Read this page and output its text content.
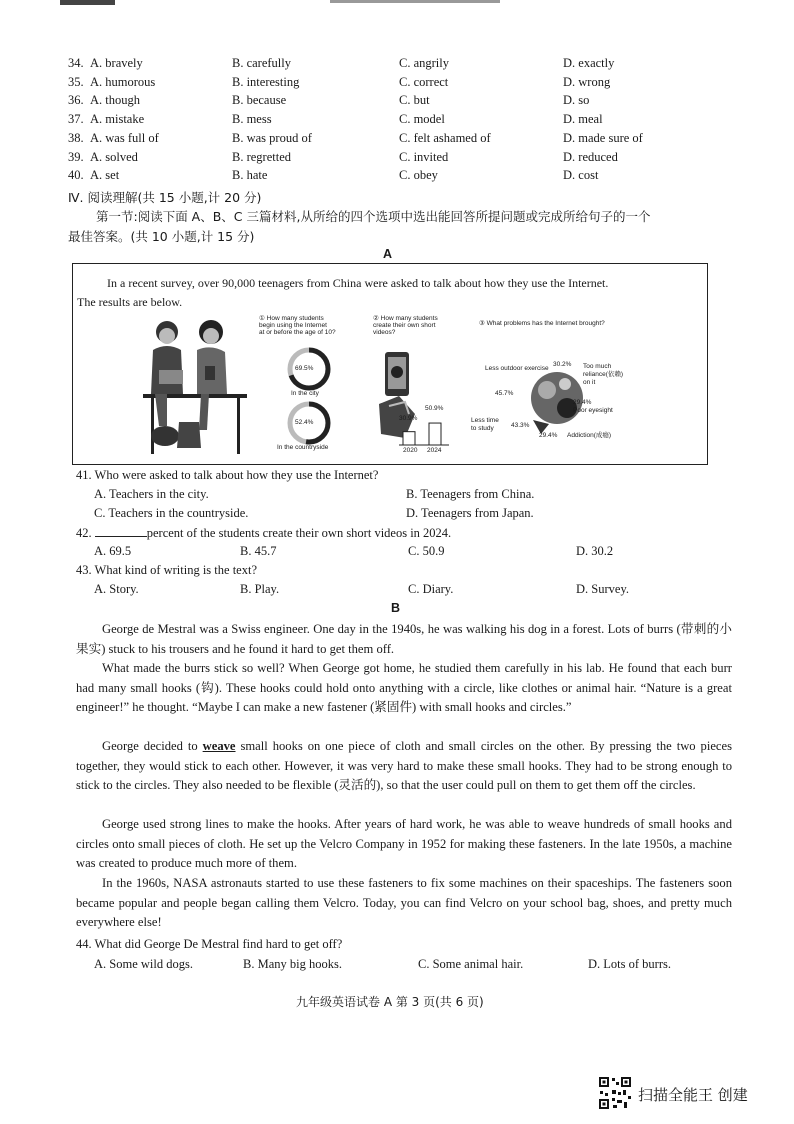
34. A. bravely	B. carefully	C. angrily	D. exactly
35. A. humorous	B. interesting	C. correct	D. wrong
36. A. though	B. because	C. but	D. so
37. A. mistake	B. mess	C. model	D. meal
38. A. was full of	B. was proud of	C. felt ashamed of	D. made sure of
39. A. solved	B. regretted	C. invited	D. reduced
40. A. set	B. hate	C. obey	D. cost
Ⅳ. 阅读理解(共 15 小题,计 20 分)
第一节:阅读下面 A、B、C 三篇材料,从所给的四个选项中选出能回答所提问题或完成所给句子的一个
最佳答案。(共 10 小题,计 15 分)
A
In a recent survey, over 90,000 teenagers from China were asked to talk about how they use the Internet.
The results are below.
① How many students
begin using the Internet
at or before the age of 10?
69.5%
In the city
52.4%
In the countryside
② How many students
create their own short
videos?
30.9%
50.9%
2020 2024
③ What problems has the Internet brought?
Less outdoor exercise
45.7%
30.2% Too much
reliance(依赖)
on it
29.4%
Poor eyesight
Less time
to study	43.3%
29.4% Addiction(成瘾)
41. Who were asked to talk about how they use the Internet?
A. Teachers in the city.	B. Teenagers from China.
C. Teachers in the countryside.	D. Teenagers from Japan.
42.	percent of the students create their own short videos in 2024.
A. 69.5	B. 45.7	C. 50.9	D. 30.2
43. What kind of writing is the text?
A. Story.	B. Play.	C. Diary.	D. Survey.
B
George de Mestral was a Swiss engineer. One day in the 1940s, he was walking his dog in a forest. Lots of burrs (带刺的小果实) stuck to his trousers and he found it hard to get them off.
What made the burrs stick so well? When George got home, he studied them carefully in his lab. He found that each burr had many small hooks (钩). These hooks could hold onto anything with a circle, like clothes or animal hair. “Nature is a great engineer!” he thought. “Maybe I can make a new fastener (紧固件) with small hooks and circles.”
George decided to weave small hooks on one piece of cloth and small circles on the other. By pressing the two pieces together, they would stick to each other. However, it was very hard to make these small hooks. They had to be strong enough to stick to the circles. They also needed to be flexible (灵活的), so that the user could pull on them to get them off the circles.
George used strong lines to make the hooks. After years of hard work, he was able to weave hundreds of small hooks and circles onto small pieces of cloth. He set up the Velcro Company in 1952 for making these fasteners. In the late 1950s, a machine was created to produce much more of them.
In the 1960s, NASA astronauts started to use these fasteners to fix some machines on their spaceships. The fasteners soon became popular and people began calling them Velcro. Today, you can find Velcro on your school bag, shoes, and pretty much everywhere else!
44. What did George De Mestral find hard to get off?
A. Some wild dogs.	B. Many big hooks.	C. Some animal hair.	D. Lots of burrs.
九年级英语试卷 A 第 3 页(共 6 页)
扫描全能王 创建
